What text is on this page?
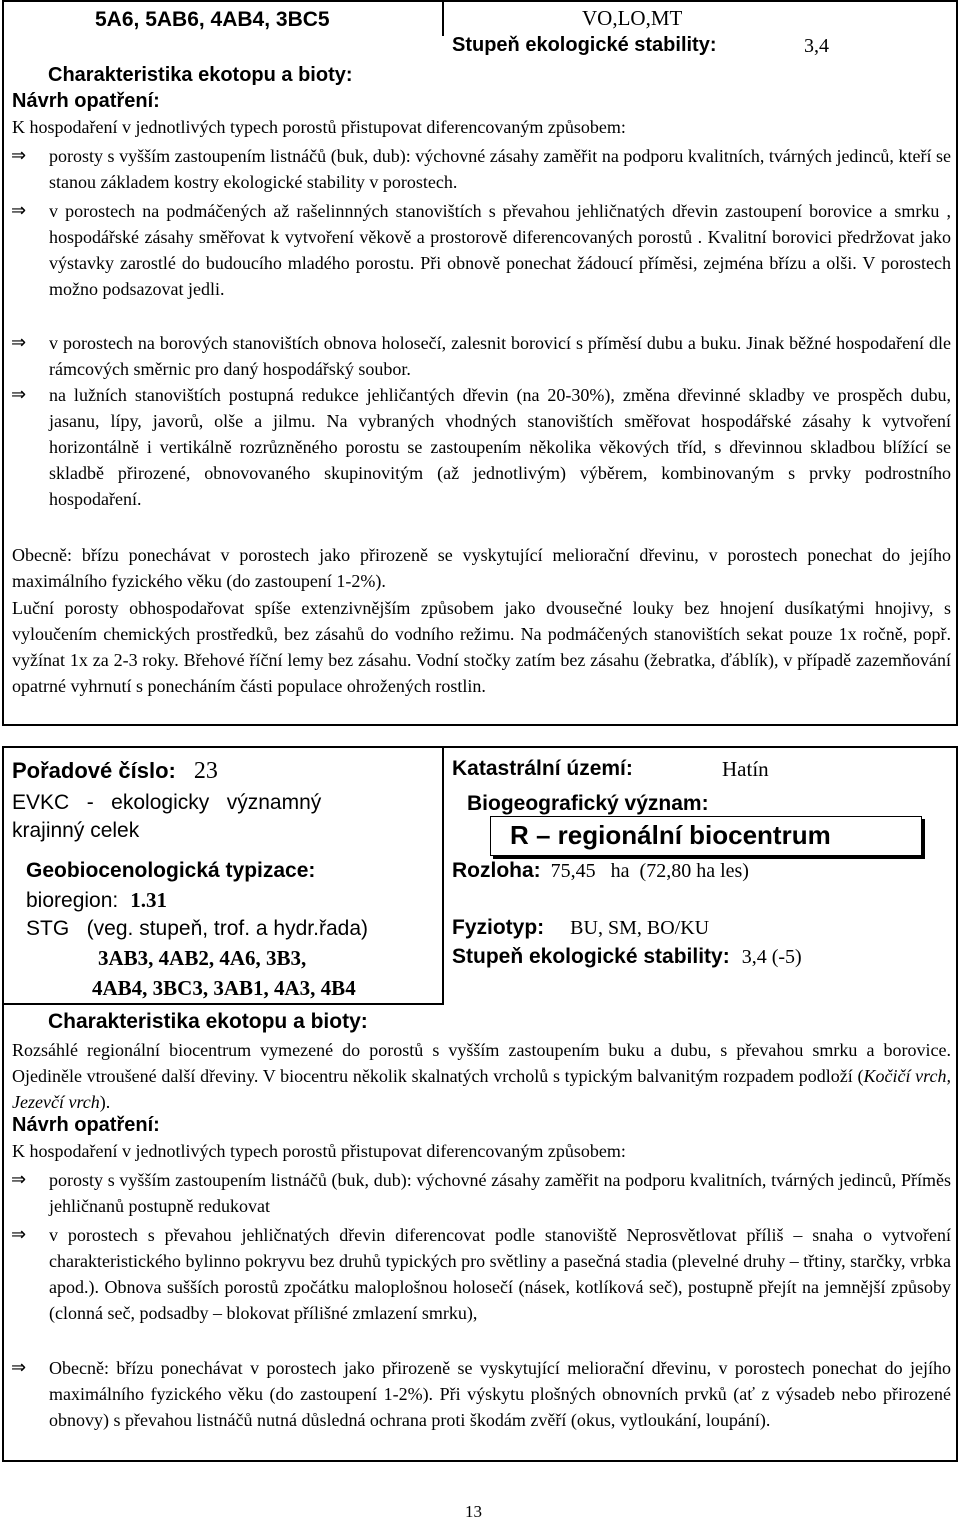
5A6, 5AB6, 4AB4, 3BC5	VO,LO,MT
Stupeň ekologické stability:	3,4
Charakteristika ekotopu a bioty:
Návrh opatření:
K hospodaření v jednotlivých typech porostů přistupovat diferencovaným způsobem:
⇒ porosty s vyšším zastoupením listnáčů (buk, dub): výchovné zásahy zaměřit na podporu kvalitních, tvárných jedinců, kteří se stanou základem kostry ekologické stability v porostech.
⇒ v porostech na podmáčených až rašelinnných stanovištích s převahou jehličnatých dřevin zastoupení borovice a smrku , hospodářské zásahy směřovat k vytvoření věkově a prostorově diferencovaných porostů . Kvalitní borovici předržovat jako výstavky zarostlé do budoucího mladého porostu. Při obnově ponechat žádoucí příměsi, zejména břízu a olši. V porostech možno podsazovat jedli.
⇒ v porostech na borových stanovištích obnova holosečí, zalesnit borovicí s příměsí dubu a buku. Jinak běžné hospodaření dle rámcových směrnic pro daný hospodářský soubor.
⇒ na lužních stanovištích postupná redukce jehličantých dřevin (na 20-30%), změna dřevinné skladby ve prospěch dubu, jasanu, lípy, javorů, olše a jilmu. Na vybraných vhodných stanovištích směřovat hospodářské zásahy k vytvoření horizontálně i vertikálně rozrůzněného porostu se zastoupením několika věkových tříd, s dřevinnou skladbou blížící se skladbě přirozené, obnovovaného skupinovitým (až jednotlivým) výběrem, kombinovaným s prvky podrostního hospodaření.
Obecně: břízu ponechávat v porostech jako přirozeně se vyskytující meliorační dřevinu, v porostech ponechat do jejího maximálního fyzického věku (do zastoupení 1-2%).
Luční porosty obhospodařovat spíše extenzivnějším způsobem jako dvousečné louky bez hnojení dusíkatými hnojivy, s vyloučením chemických prostředků, bez zásahů do vodního režimu. Na podmáčených stanovištích sekat pouze 1x ročně, popř. vyžínat 1x za 2-3 roky. Břehové říční lemy bez zásahu. Vodní stočky zatím bez zásahu (žebratka, ďáblík), v případě zazemňování opatrné vyhrnutí s ponecháním části populace ohrožených rostlin.
Pořadové číslo: 23	Katastrální území:	Hatín
EVKC   -   ekologicky   významný
krajinný celek
Biogeografický význam:
R – regionální biocentrum
Geobiocenologická typizace:
bioregion: 1.31
STG   (veg. stupeň, trof. a hydr.řada)
3AB3, 4AB2, 4A6, 3B3,
4AB4, 3BC3, 3AB1, 4A3, 4B4
Rozloha: 75,45   ha  (72,80 ha les)
Fyziotyp: BU, SM, BO/KU
Stupeň ekologické stability: 3,4 (-5)
Charakteristika ekotopu a bioty:
Rozsáhlé regionální biocentrum vymezené do porostů s vyšším zastoupením buku a dubu, s převahou smrku a borovice. Ojediněle vtroušené další dřeviny. V biocentru několik skalnatých vrcholů s typickým balvanitým rozpadem podloží (Kočičí vrch, Jezevčí vrch).
Návrh opatření:
K hospodaření v jednotlivých typech porostů přistupovat diferencovaným způsobem:
⇒ porosty s vyšším zastoupením listnáčů (buk, dub): výchovné zásahy zaměřit na podporu kvalitních, tvárných jedinců, Příměs jehličnanů postupně redukovat
⇒ v porostech s převahou jehličnatých dřevin diferencovat podle stanoviště Neprosvětlovat příliš – snaha o vytvoření charakteristického bylinno pokryvu bez druhů typických pro světliny a pasečná stadia (plevelné druhy – třtiny, starčky, vrbka apod.). Obnova sušších porostů zpočátku maloplošnou holosečí (násek, kotlíková seč), postupně přejít na jemnější způsoby (clonná seč, podsadby – blokovat přílišné zmlazení smrku),
⇒ Obecně: břízu ponechávat v porostech jako přirozeně se vyskytující meliorační dřevinu, v porostech ponechat do jejího maximálního fyzického věku (do zastoupení 1-2%). Při výskytu plošných obnovních prvků (ať z výsadeb nebo přirozené obnovy) s převahou listnáčů nutná důsledná ochrana proti škodám zvěří (okus, vytloukání, loupání).
13
